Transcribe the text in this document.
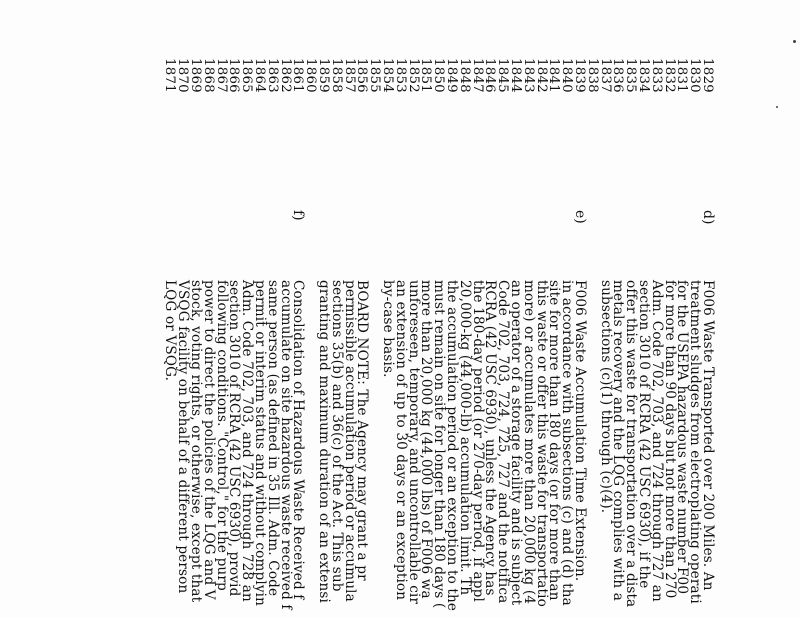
1829
1830
1831
1832
1833
1834
1835
1836
1837
1838
1839
1840
1841
1842
1843
1844
1845
1846
1847
1848
1849
1850
1851
1852
1853
1854
1855
1856
1857
1858
1859
1860
1861
1862
1863
1864
1865
1866
1867
1868
1869
1870
1871
d)
e)
f)
F006 Waste Transported over 200 Miles. An
treatment sludges from electroplating operati
for the USEPA hazardous waste number F00
for more than 90 days but not more than 270
Adm. Code 702, 703, and 724 through 727 an
section 3010 of RCRA (42 USC 6930), if the
offer this waste for transportation over a dista
metals recovery and the LQG complies with a
subsections (c)(1) through (c)(4).
F006 Waste Accumulation Time Extension.
in accordance with subsections (c) and (d) tha
site for more than 180 days (or for more than
this waste or offer this waste for transportatio
more) or accumulates more than 20,000 kg (4
an operator of a storage facility and is subject
Code 702, 703, 724, 725, 727 and the notifica
RCRA (42 USC 6930), unless the Agency has
the 180-day period (or 270-day period, if appl
20,000-kg (44,000-lb) accumulation limit. Th
the accumulation period or an exception to the
must remain on site for longer than 180 days (
more than 20,000 kg (44,000 lbs) of F006 wa
unforeseen, temporary, and uncontrollable cir
an extension of up to 30 days or an exception
by-case basis.
BOARD NOTE: The Agency may grant a pr
permissible accumulation period or accumula
sections 35(b) and 36(c) of the Act. This sub
granting and maximum duration of an extensi
Consolidation of Hazardous Waste Received f
accumulate on site hazardous waste received f
same person (as defined in 35 Ill. Adm. Code
permit or interim status and without complyin
Adm. Code 702, 703, and 724 through 728 an
section 3010 of RCRA (42 USC 6930), provid
following conditions. "Control," for the purp
power to direct the policies of the LQG and V
stock, voting rights, or otherwise, except that
VSQG facility on behalf of a different person
LQG or VSQG.
